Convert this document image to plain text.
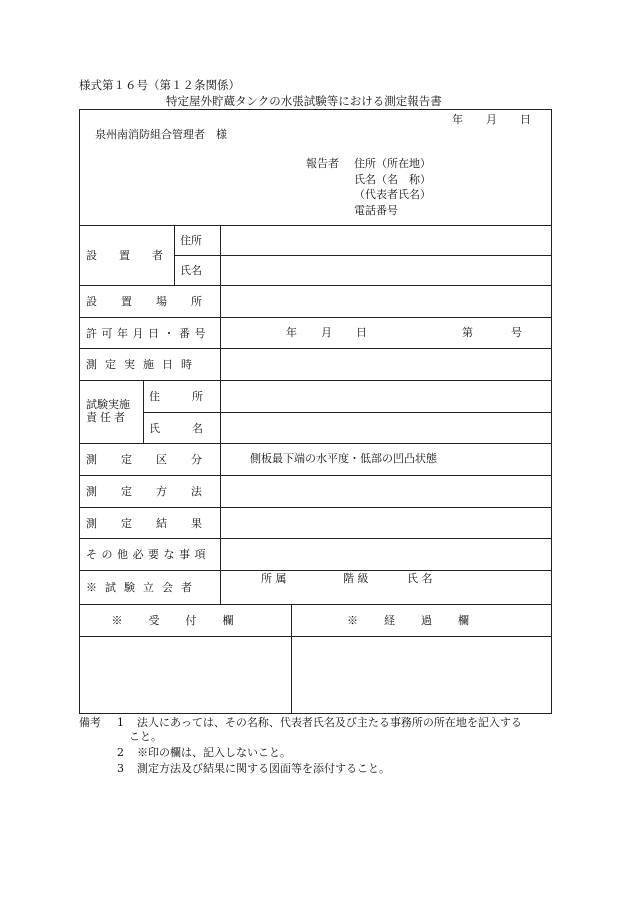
様式第１６号（第１２条関係）
特定屋外貯蔵タンクの水張試験等における測定報告書
年 月 日
泉州南消防組合管理者　様
報告者 住所（所在地）
氏名（名　称）
（代表者氏名）
電話番号
設置者
住所
氏名
設置場所
許可年月日・番号	年 月 日	第	号
測定実施日時
試験実施
責任者
住所
氏名
測定区分 側板最下端の水平度・低部の凹凸状態
測定方法
測定結果
その他必要な事項
※試験立会者
所 属	階 級	氏 名
※受付欄	※経過欄
備考 1 法人にあっては、その名称、代表者氏名及び主たる事務所の所在地を記入する
こと。
2 ※印の欄は、記入しないこと。
3 測定方法及び結果に関する図面等を添付すること。
